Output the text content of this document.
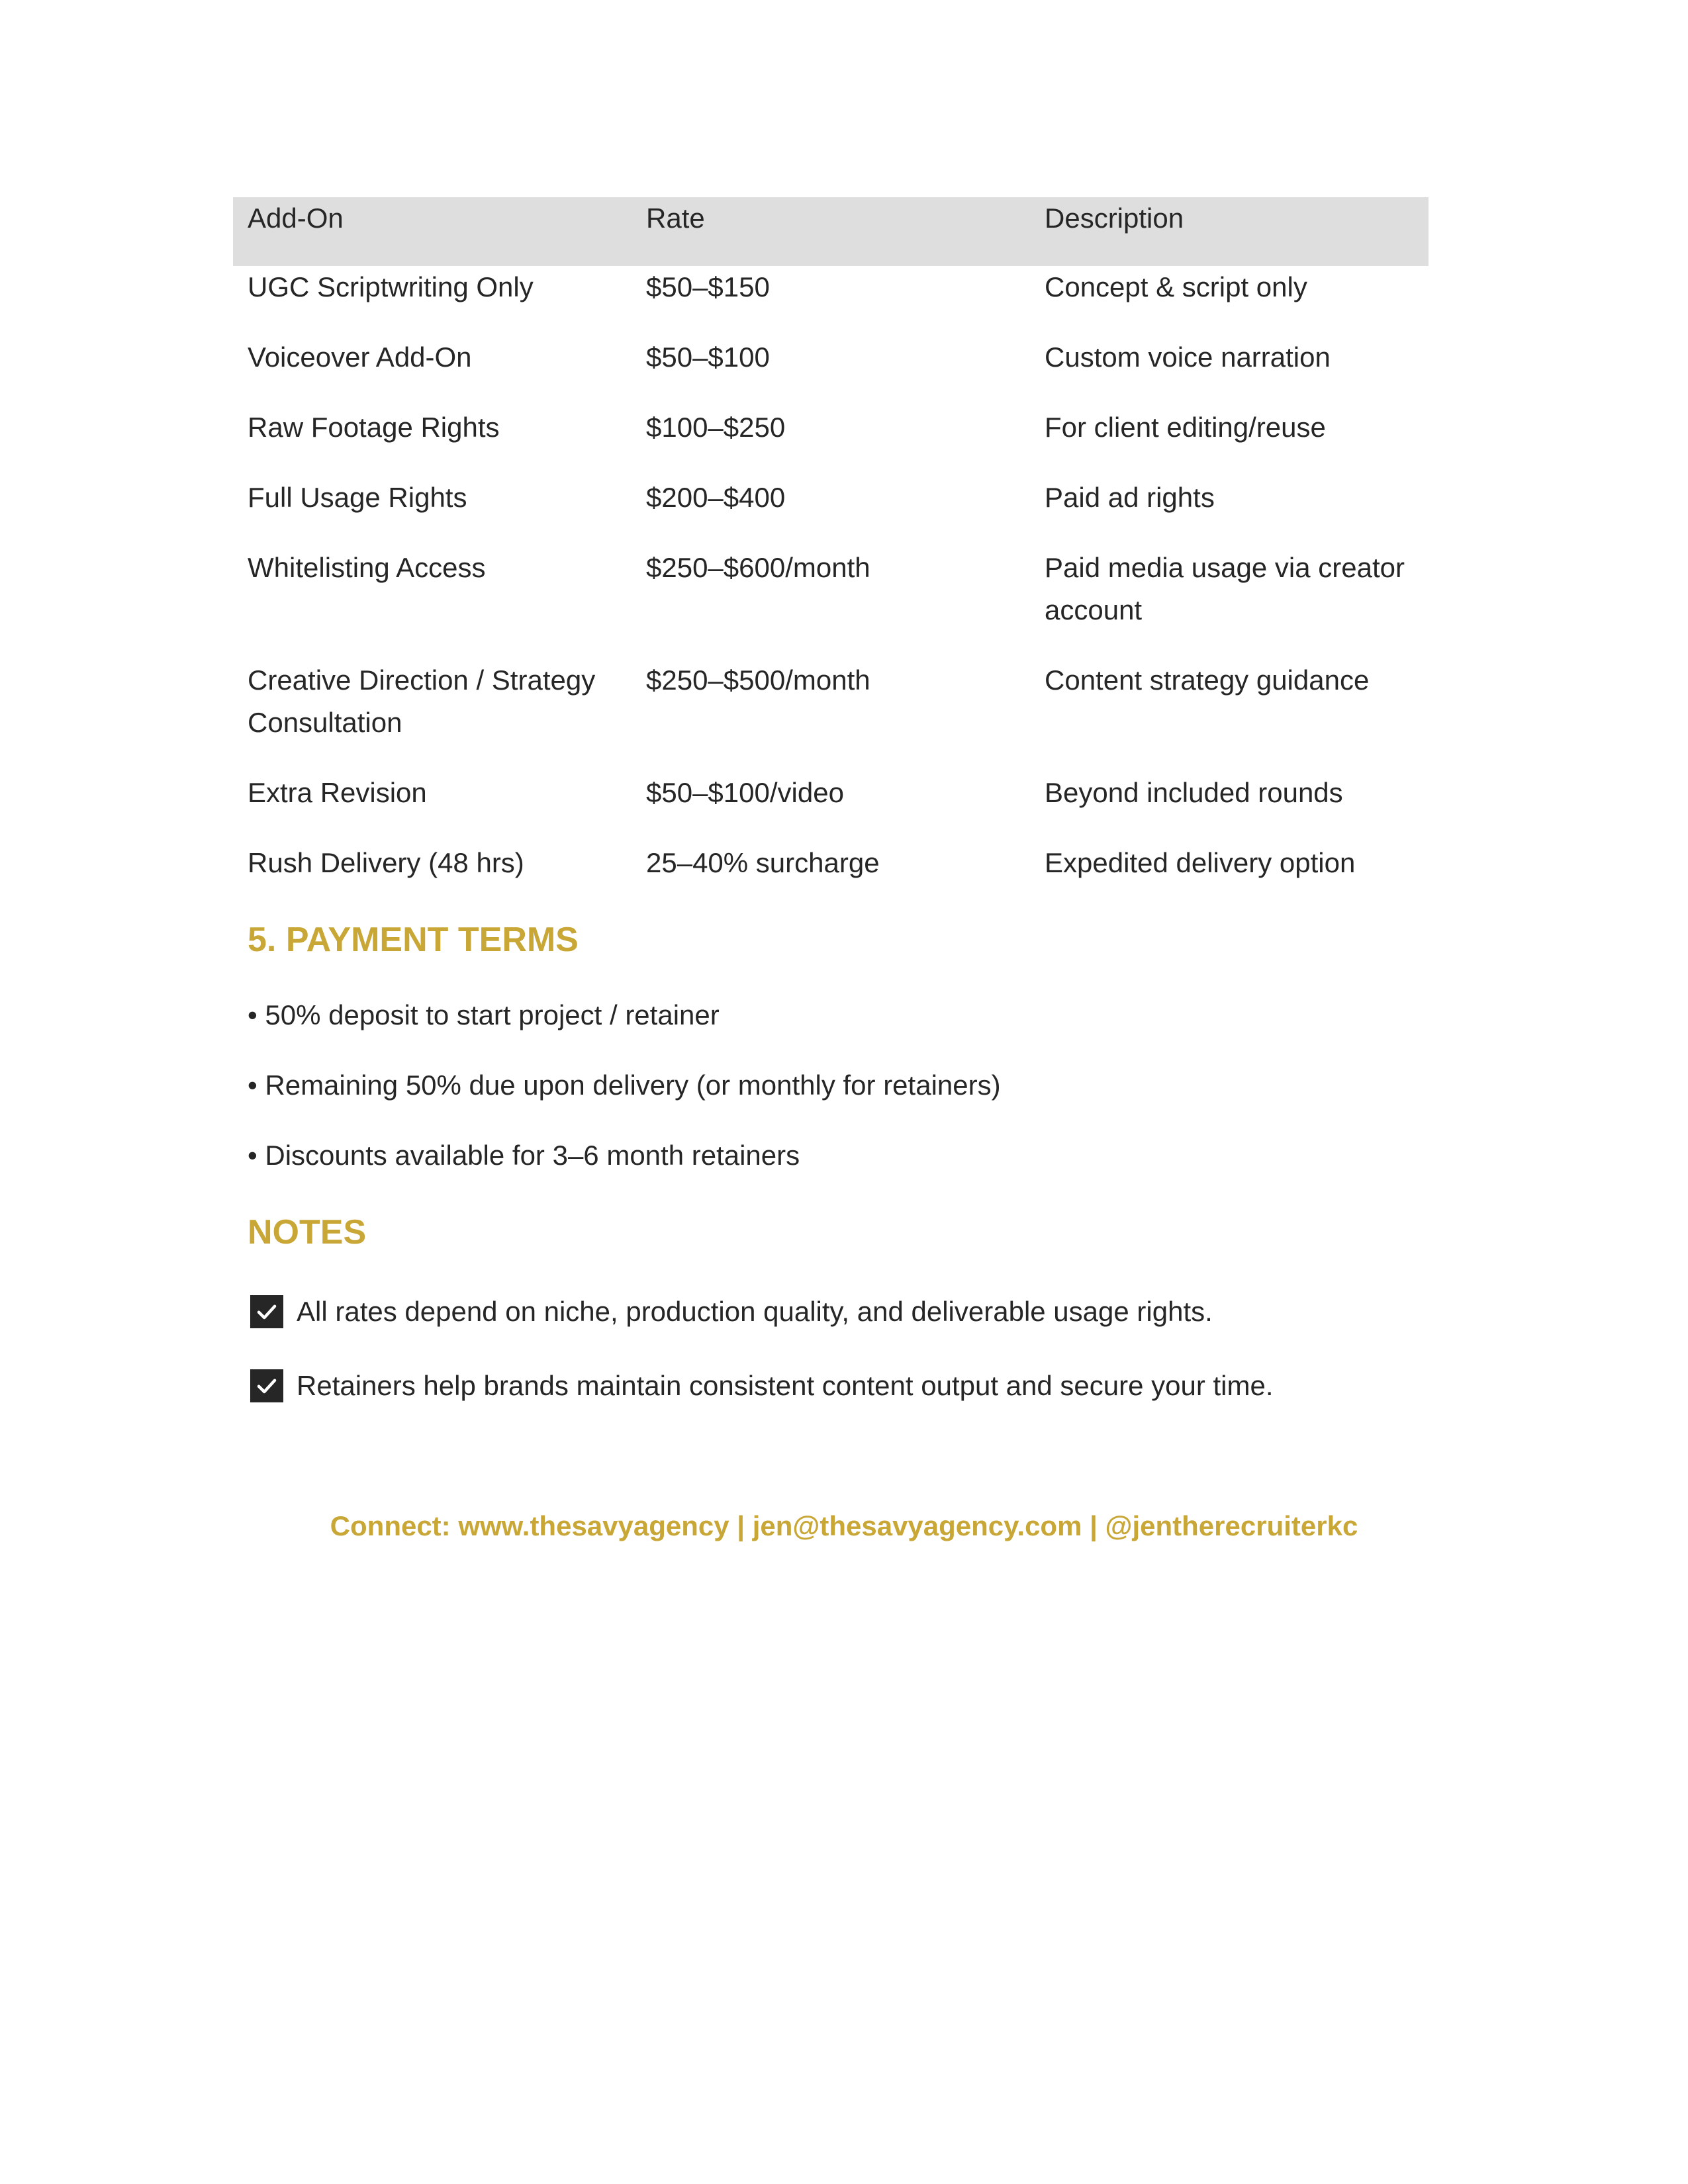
Add-On	Rate	Description
UGC Scriptwriting Only	$50–$150	Concept & script only
Voiceover Add-On	$50–$100	Custom voice narration
Raw Footage Rights	$100–$250	For client editing/reuse
Full Usage Rights	$200–$400	Paid ad rights
Whitelisting Access	$250–$600/month	Paid media usage via creator account
Creative Direction / Strategy Consultation	$250–$500/month	Content strategy guidance
Extra Revision	$50–$100/video	Beyond included rounds
Rush Delivery (48 hrs)	25–40% surcharge	Expedited delivery option
5. PAYMENT TERMS

• 50% deposit to start project / retainer

• Remaining 50% due upon delivery (or monthly for retainers)

• Discounts available for 3–6 month retainers

NOTES
All rates depend on niche, production quality, and deliverable usage rights.
Retainers help brands maintain consistent content output and secure your time.
Connect: www.thesavyagency | jen@thesavyagency.com | @jentherecruiterkc
